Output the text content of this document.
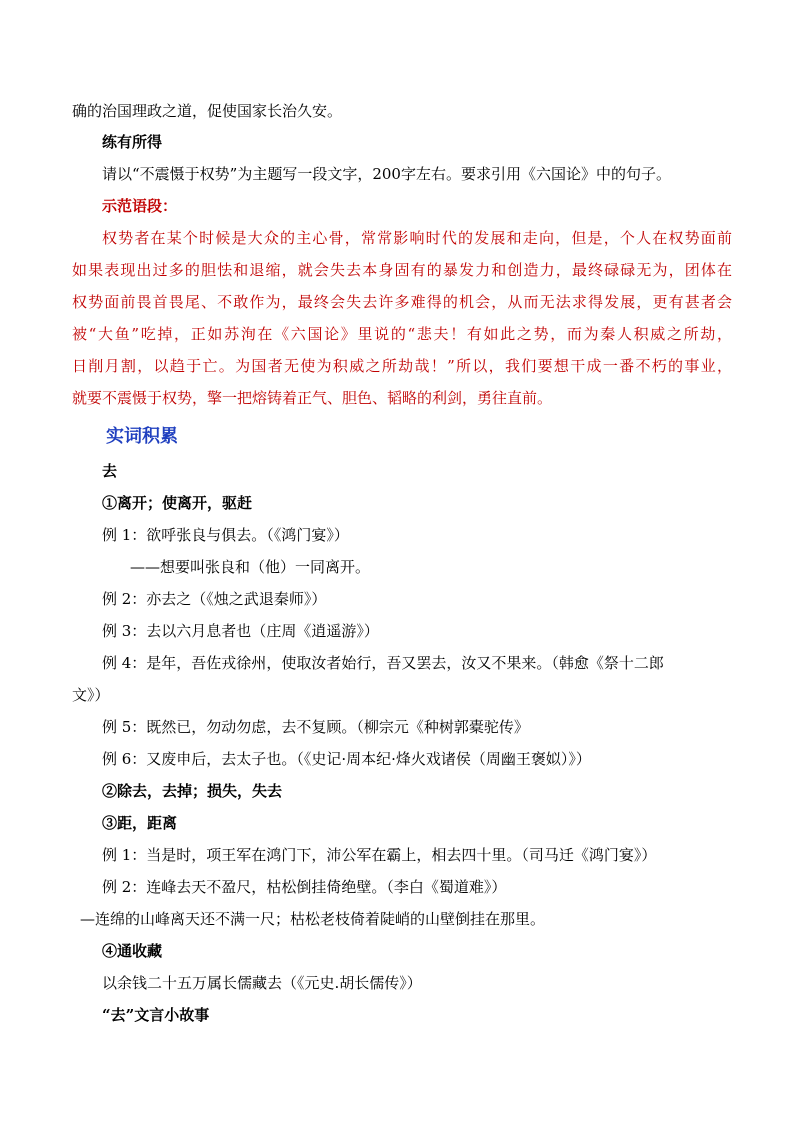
确的治国理政之道，促使国家长治久安。
练有所得
请以“不震慑于权势”为主题写一段文字，200字左右。要求引用《六国论》中的句子。
示范语段：
权势者在某个时候是大众的主心骨，常常影响时代的发展和走向，但是，个人在权势面前
如果表现出过多的胆怯和退缩，就会失去本身固有的暴发力和创造力，最终碌碌无为，团体在
权势面前畏首畏尾、不敢作为，最终会失去许多难得的机会，从而无法求得发展，更有甚者会
被“大鱼”吃掉，正如苏洵在《六国论》里说的“悲夫！有如此之势，而为秦人积威之所劫，
日削月割，以趋于亡。为国者无使为积威之所劫哉！”所以，我们要想干成一番不朽的事业，
就要不震慑于权势，擎一把熔铸着正气、胆色、韬略的利剑，勇往直前。
实词积累
去
①离开；使离开，驱赶
例 1：欲呼张良与俱去。（《鸿门宴》）
——想要叫张良和（他）一同离开。
例 2：亦去之（《烛之武退秦师》）
例 3：去以六月息者也（庄周《逍遥游》）
例 4：是年，吾佐戎徐州，使取汝者始行，吾又罢去，汝又不果来。（韩愈《祭十二郎
文》）
例 5：既然已，勿动勿虑，去不复顾。（柳宗元《种树郭橐驼传》
例 6：又废申后，去太子也。（《史记·周本纪·烽火戏诸侯（周幽王褒姒）》）
②除去，去掉；损失，失去
③距，距离
例 1：当是时，项王军在鸿门下，沛公军在霸上，相去四十里。（司马迁《鸿门宴》）
例 2：连峰去天不盈尺，枯松倒挂倚绝壁。（李白《蜀道难》）
—连绵的山峰离天还不满一尺；枯松老枝倚着陡峭的山壁倒挂在那里。
④通收藏
以余钱二十五万属长儒藏去（《元史.胡长儒传》）
“去”文言小故事
